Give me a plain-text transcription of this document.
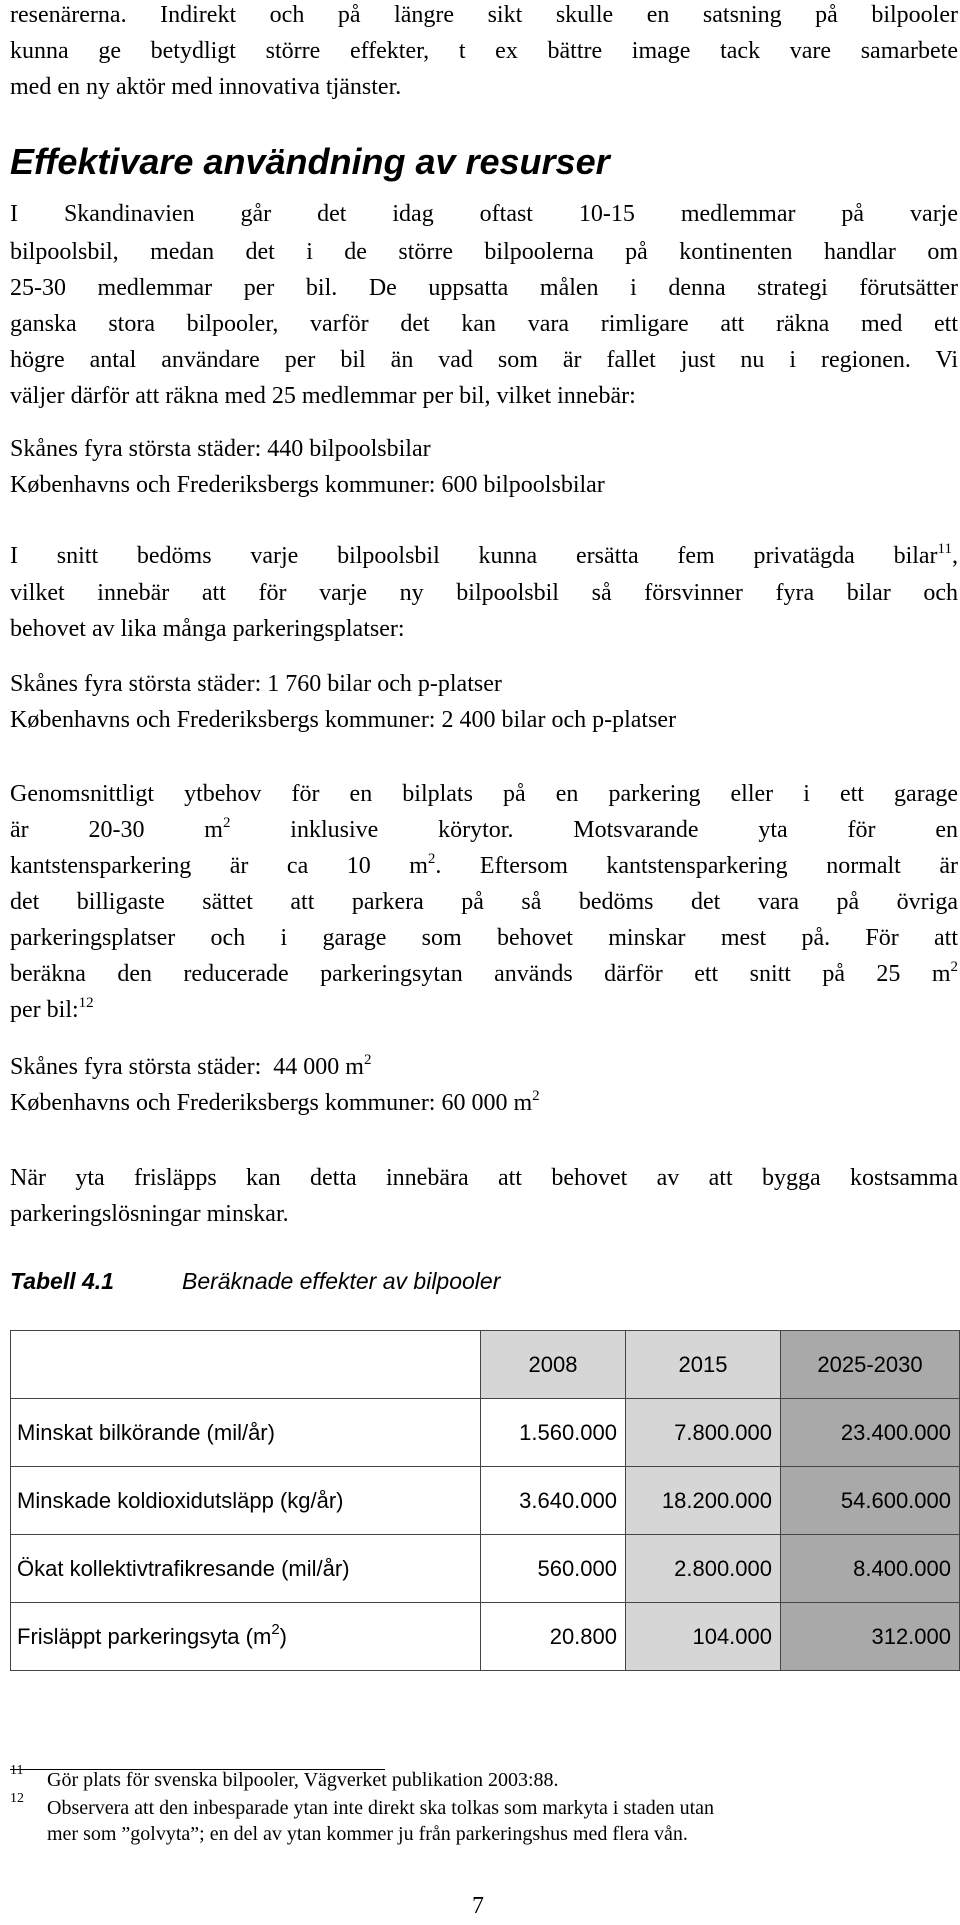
resenärerna. Indirekt och på längre sikt skulle en satsning på bilpooler
kunna ge betydligt större effekter, t ex bättre image tack vare samarbete
med en ny aktör med innovativa tjänster.
Effektivare användning av resurser
I Skandinavien går det idag oftast 10-15 medlemmar på varje
bilpoolsbil, medan det i de större bilpoolerna på kontinenten handlar om
25-30 medlemmar per bil. De uppsatta målen i denna strategi förutsätter
ganska stora bilpooler, varför det kan vara rimligare att räkna med ett
högre antal användare per bil än vad som är fallet just nu i regionen. Vi
väljer därför att räkna med 25 medlemmar per bil, vilket innebär:
Skånes fyra största städer: 440 bilpoolsbilar
Københavns och Frederiksbergs kommuner: 600 bilpoolsbilar
I snitt bedöms varje bilpoolsbil kunna ersätta fem privatägda bilar$^{11}$,
vilket innebär att för varje ny bilpoolsbil så försvinner fyra bilar och
behovet av lika många parkeringsplatser:
Skånes fyra största städer: 1 760 bilar och p-platser
Københavns och Frederiksbergs kommuner: 2 400 bilar och p-platser
Genomsnittligt ytbehov för en bilplats på en parkering eller i ett garage
är   20-30   $m^2$   inklusive   körytor.   Motsvarande   yta   för   en
kantstensparkering är ca 10 $m^2$. Eftersom kantstensparkering normalt är
det billigaste sättet att parkera på så bedöms det vara på övriga
parkeringsplatser och i garage som behovet minskar mest på. För att
beräkna den reducerade parkeringsytan används därför ett snitt på 25 $m^2$
per bil:$^{12}$
Skånes fyra största städer:  44 000 $m^2$
Københavns och Frederiksbergs kommuner: 60 000 $m^2$
När yta frisläpps kan detta innebära att behovet av att bygga kostsamma
parkeringslösningar minskar.
Tabell 4.1	Beräknade effekter av bilpooler
	2008	2015	2025-2030
Minskat bilkörande (mil/år)	1.560.000	7.800.000	23.400.000
Minskade koldioxidutsläpp (kg/år)	3.640.000	18.200.000	54.600.000
Ökat kollektivtrafikresande (mil/år)	560.000	2.800.000	8.400.000
Frisläppt parkeringsyta $(m^2)$	20.800	104.000	312.000
11 Gör plats för svenska bilpooler, Vägverket publikation 2003:88.
12 Observera att den inbesparade ytan inte direkt ska tolkas som markyta i staden utan
mer som ”golvyta”; en del av ytan kommer ju från parkeringshus med flera vån.
7
